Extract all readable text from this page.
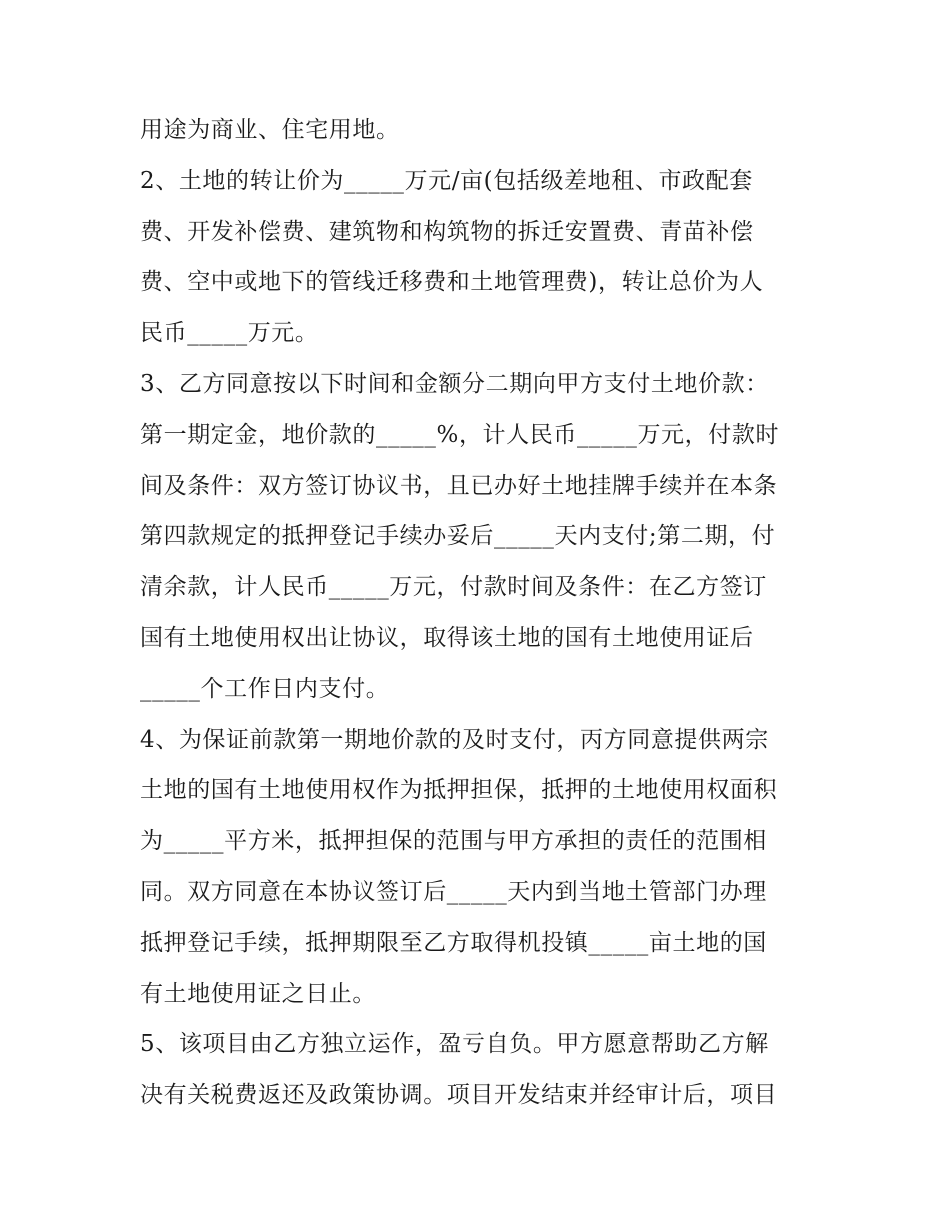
用途为商业、住宅用地。
2、土地的转让价为_____万元/亩(包括级差地租、市政配套
费、开发补偿费、建筑物和构筑物的拆迁安置费、青苗补偿
费、空中或地下的管线迁移费和土地管理费)，转让总价为人
民币_____万元。
3、乙方同意按以下时间和金额分二期向甲方支付土地价款：
第一期定金，地价款的_____%，计人民币_____万元，付款时
间及条件：双方签订协议书，且已办好土地挂牌手续并在本条
第四款规定的抵押登记手续办妥后_____天内支付;第二期，付
清余款，计人民币_____万元，付款时间及条件：在乙方签订
国有土地使用权出让协议，取得该土地的国有土地使用证后
_____个工作日内支付。
4、为保证前款第一期地价款的及时支付，丙方同意提供两宗
土地的国有土地使用权作为抵押担保，抵押的土地使用权面积
为_____平方米，抵押担保的范围与甲方承担的责任的范围相
同。双方同意在本协议签订后_____天内到当地土管部门办理
抵押登记手续，抵押期限至乙方取得机投镇_____亩土地的国
有土地使用证之日止。
5、该项目由乙方独立运作，盈亏自负。甲方愿意帮助乙方解
决有关税费返还及政策协调。项目开发结束并经审计后，项目
